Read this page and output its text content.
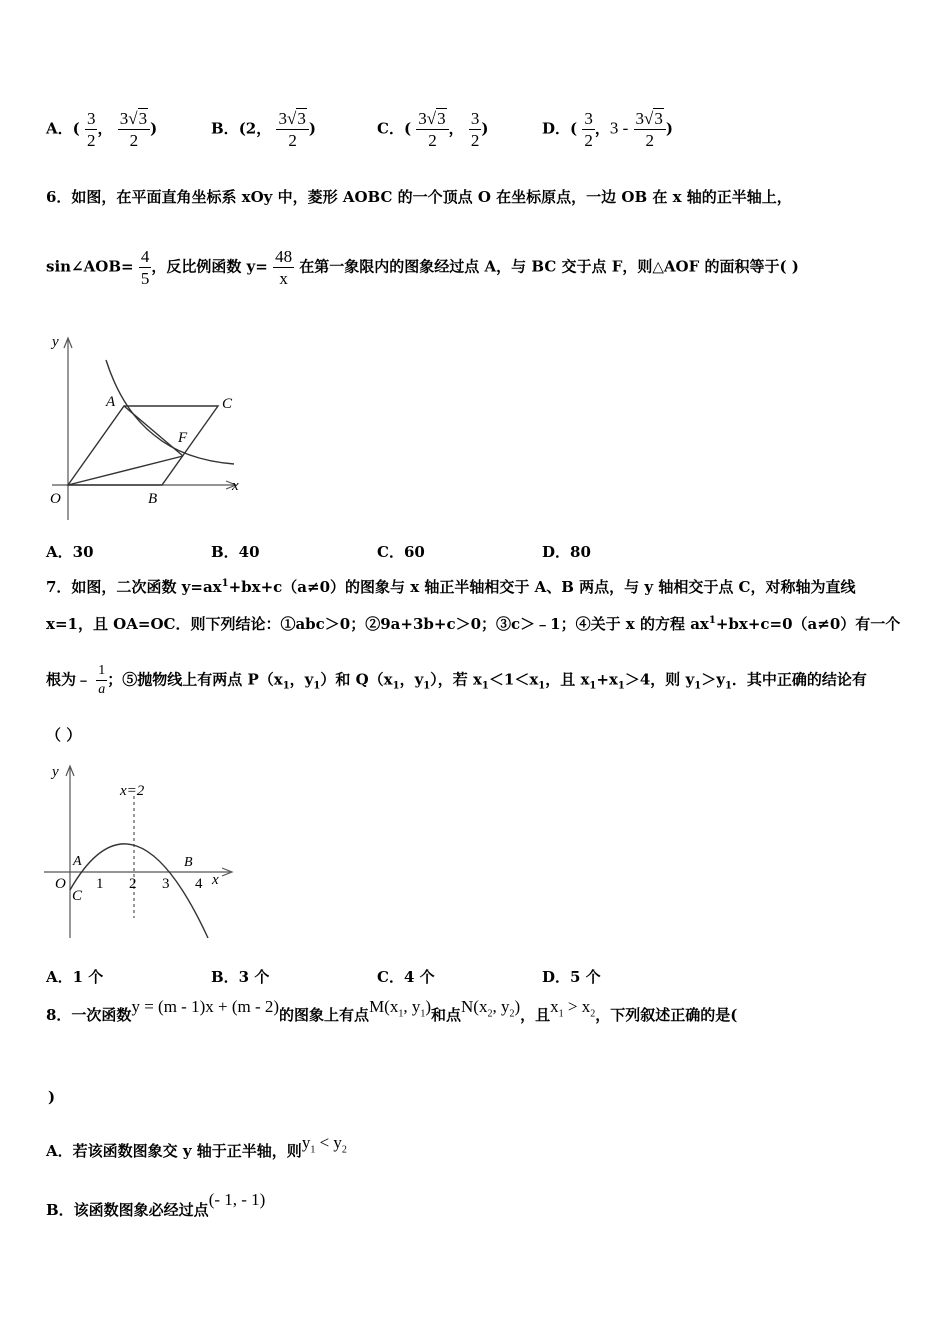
A．( $\frac{3}{2}$ ， $\frac{3√3}{2}$ )	B．(2， $\frac{3√3}{2}$ )	C．( $\frac{3√3}{2}$ ， $\frac{3}{2}$ )	D．( $\frac{3}{2}$ ，$3 - \frac{3√3}{2}$ )
6．如图，在平面直角坐标系 xOy 中，菱形 AOBC 的一个顶点 O 在坐标原点，一边 OB 在 x 轴的正半轴上，
sin∠AOB= $\frac{4}{5}$ ，反比例函数 $y= \frac{48}{x}$ 在第一象限内的图象经过点 A，与 BC 交于点 F，则△AOF 的面积等于( )
y
x
O
A	C
F
B
A．30	B．40	C．60	D．80
7．如图，二次函数 $y=ax^1+bx+c(a\ne 0)$的图象与 x 轴正半轴相交于 A、B 两点，与 y 轴相交于点 C，对称轴为直线
x=1，且 OA=OC．则下列结论：①abc＞0；②9a+3b+c＞0；③c＞﹣1；④关于 x 的方程 $ax^1+bx+c=0(a\ne 0)$有一个
根为﹣ $\frac{1}{a}$ ；⑤抛物线上有两点 $P(x_1$，$y_1$）和 $Q(x_1$，$y_1$），若 $x_1<1<x_1$，且 $x_1+x_1>4$，则 $y_1>y_1$．其中正确的结论有
（ ）
y
x
x=2
O
A	B
C
1 2 3 4
A．1 个	B．3 个	C．4 个	D．5 个
8．一次函数y = (m - 1)x + (m - 2)的图象上有点$M(x_1$, $y_1$)和点$N(x_2$, $y_2$)，且$x_1 > x_2$，下列叙述正确的是(
)
A．若该函数图象交 y 轴于正半轴，则$y_1 < y_2$
B．该函数图象必经过点(- 1, - 1)
